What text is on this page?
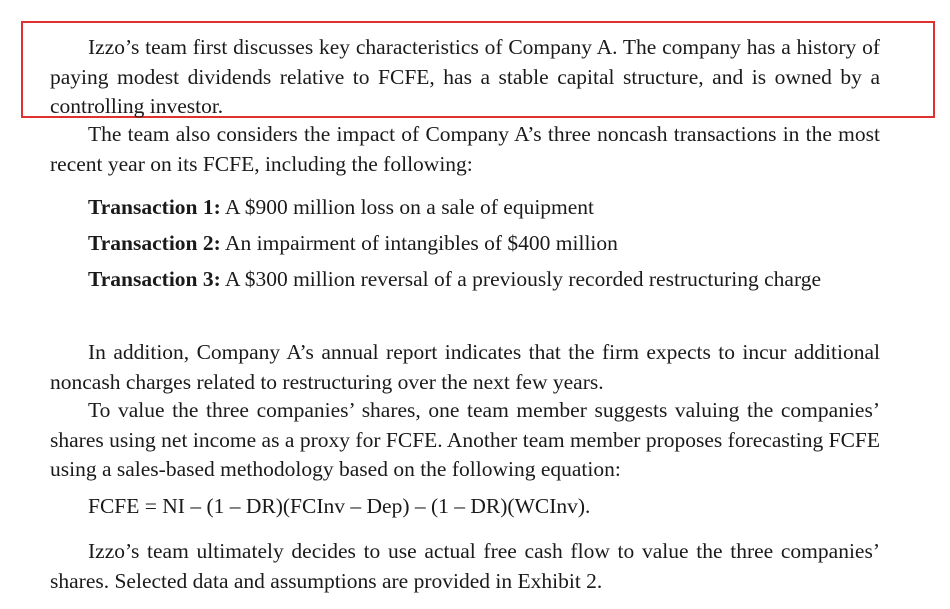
Izzo’s team first discusses key characteristics of Company A. The company has a history of paying modest dividends relative to FCFE, has a stable capital structure, and is owned by a controlling investor.

The team also considers the impact of Company A’s three noncash transactions in the most recent year on its FCFE, including the following:

Transaction 1: A $900 million loss on a sale of equipment

Transaction 2: An impairment of intangibles of $400 million

Transaction 3: A $300 million reversal of a previously recorded restructuring charge

In addition, Company A’s annual report indicates that the firm expects to incur additional noncash charges related to restructuring over the next few years.

To value the three companies’ shares, one team member suggests valuing the companies’ shares using net income as a proxy for FCFE. Another team member proposes forecasting FCFE using a sales-based methodology based on the following equation:

FCFE = NI – (1 – DR)(FCInv – Dep) – (1 – DR)(WCInv).

Izzo’s team ultimately decides to use actual free cash flow to value the three companies’ shares. Selected data and assumptions are provided in Exhibit 2.
